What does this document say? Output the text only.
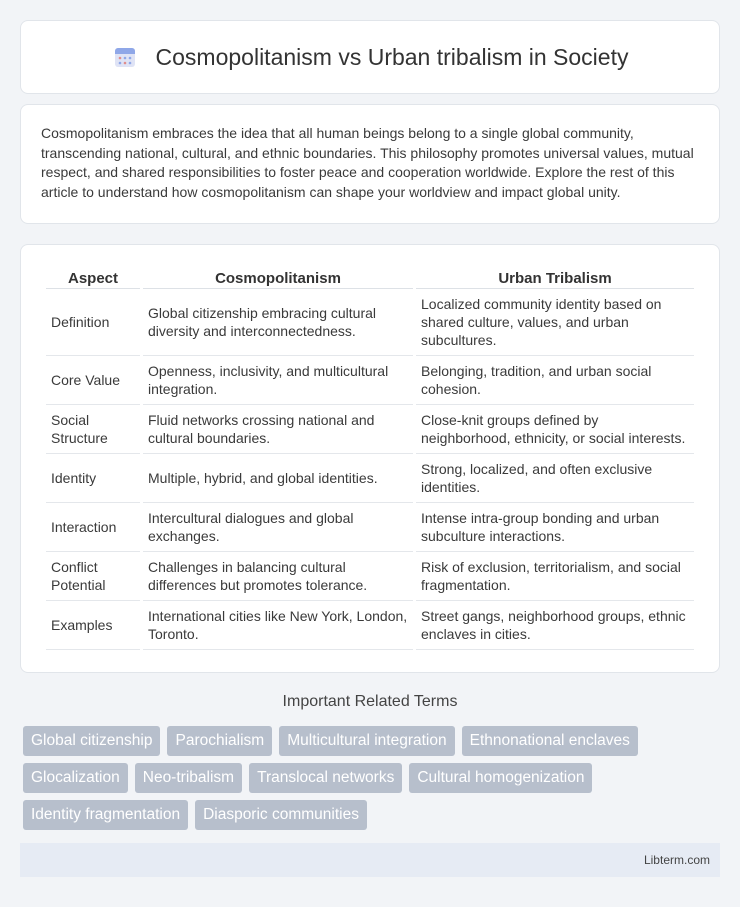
Cosmopolitanism vs Urban tribalism in Society

Cosmopolitanism embraces the idea that all human beings belong to a single global community, transcending national, cultural, and ethnic boundaries. This philosophy promotes universal values, mutual respect, and shared responsibilities to foster peace and cooperation worldwide. Explore the rest of this article to understand how cosmopolitanism can shape your worldview and impact global unity.

Aspect	Cosmopolitanism	Urban Tribalism
Definition	Global citizenship embracing cultural diversity and interconnectedness.	Localized community identity based on shared culture, values, and urban subcultures.
Core Value	Openness, inclusivity, and multicultural integration.	Belonging, tradition, and urban social cohesion.
Social Structure	Fluid networks crossing national and cultural boundaries.	Close-knit groups defined by neighborhood, ethnicity, or social interests.
Identity	Multiple, hybrid, and global identities.	Strong, localized, and often exclusive identities.
Interaction	Intercultural dialogues and global exchanges.	Intense intra-group bonding and urban subculture interactions.
Conflict Potential	Challenges in balancing cultural differences but promotes tolerance.	Risk of exclusion, territorialism, and social fragmentation.
Examples	International cities like New York, London, Toronto.	Street gangs, neighborhood groups, ethnic enclaves in cities.
Important Related Terms
Global citizenship	Parochialism	Multicultural integration	Ethnonational enclaves
Glocalization	Neo-tribalism	Translocal networks	Cultural homogenization
Identity fragmentation	Diasporic communities
Libterm.com
